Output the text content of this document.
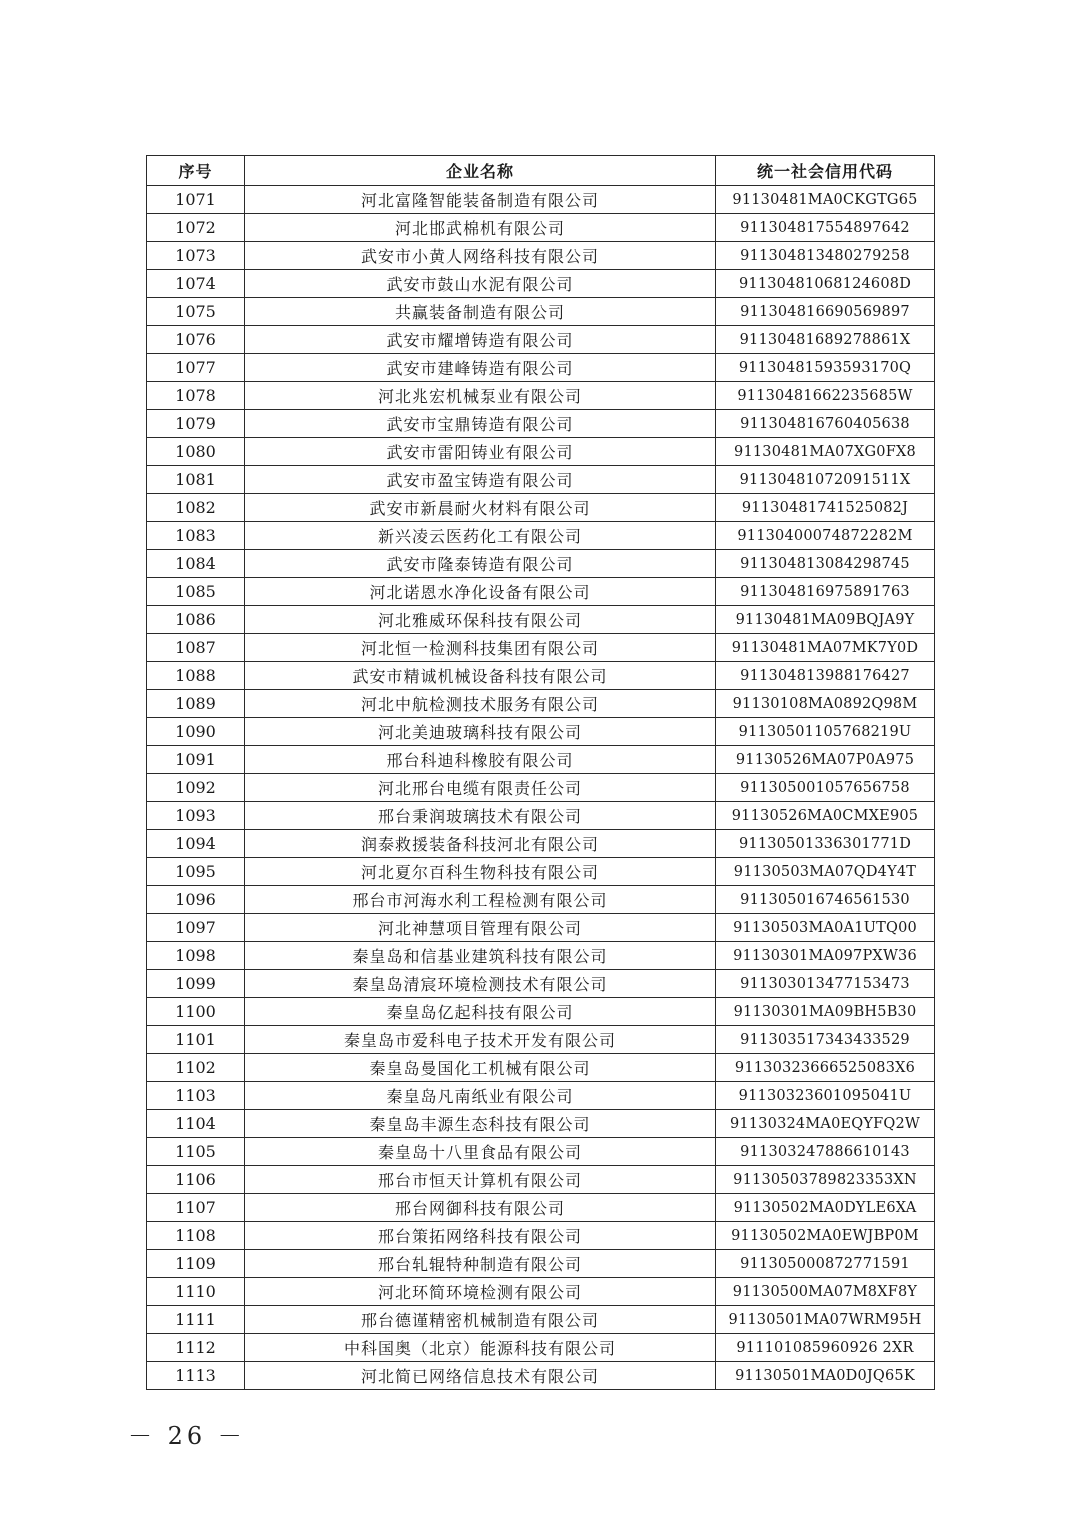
序号	企业名称	统一社会信用代码
1071	河北富隆智能装备制造有限公司	91130481MA0CKGTG65
1072	河北邯武棉机有限公司	911304817554897642
1073	武安市小黄人网络科技有限公司	911304813480279258
1074	武安市鼓山水泥有限公司	91130481068124608D
1075	共赢装备制造有限公司	911304816690569897
1076	武安市耀增铸造有限公司	91130481689278861X
1077	武安市建峰铸造有限公司	91130481593593170Q
1078	河北兆宏机械泵业有限公司	91130481662235685W
1079	武安市宝鼎铸造有限公司	911304816760405638
1080	武安市雷阳铸业有限公司	91130481MA07XG0FX8
1081	武安市盈宝铸造有限公司	91130481072091511X
1082	武安市新晨耐火材料有限公司	91130481741525082J
1083	新兴凌云医药化工有限公司	91130400074872282M
1084	武安市隆泰铸造有限公司	911304813084298745
1085	河北诺恩水净化设备有限公司	911304816975891763
1086	河北雅威环保科技有限公司	91130481MA09BQJA9Y
1087	河北恒一检测科技集团有限公司	91130481MA07MK7Y0D
1088	武安市精诚机械设备科技有限公司	911304813988176427
1089	河北中航检测技术服务有限公司	91130108MA0892Q98M
1090	河北美迪玻璃科技有限公司	91130501105768219U
1091	邢台科迪科橡胶有限公司	91130526MA07P0A975
1092	河北邢台电缆有限责任公司	911305001057656758
1093	邢台秉润玻璃技术有限公司	91130526MA0CMXE905
1094	润泰救援装备科技河北有限公司	91130501336301771D
1095	河北夏尔百科生物科技有限公司	91130503MA07QD4Y4T
1096	邢台市河海水利工程检测有限公司	911305016746561530
1097	河北神慧项目管理有限公司	91130503MA0A1UTQ00
1098	秦皇岛和信基业建筑科技有限公司	91130301MA097PXW36
1099	秦皇岛清宸环境检测技术有限公司	911303013477153473
1100	秦皇岛亿起科技有限公司	91130301MA09BH5B30
1101	秦皇岛市爱科电子技术开发有限公司	911303517343433529
1102	秦皇岛曼国化工机械有限公司	91130323666525083X6
1103	秦皇岛凡南纸业有限公司	91130323601095041U
1104	秦皇岛丰源生态科技有限公司	91130324MA0EQYFQ2W
1105	秦皇岛十八里食品有限公司	911303247886610143
1106	邢台市恒天计算机有限公司	91130503789823353XN
1107	邢台网御科技有限公司	91130502MA0DYLE6XA
1108	邢台策拓网络科技有限公司	91130502MA0EWJBP0M
1109	邢台轧辊特种制造有限公司	911305000872771591
1110	河北环简环境检测有限公司	91130500MA07M8XF8Y
1111	邢台德谨精密机械制造有限公司	91130501MA07WRM95H
1112	中科国奥（北京）能源科技有限公司	911101085960926 2XR
1113	河北简已网络信息技术有限公司	91130501MA0D0JQ65K
－ 26 －
